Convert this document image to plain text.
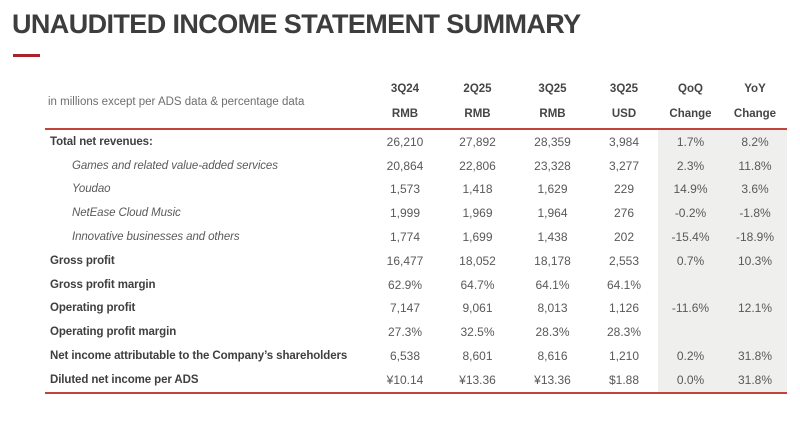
UNAUDITED INCOME STATEMENT SUMMARY
in millions except per ADS data & percentage data
3Q24
RMB
2Q25
RMB
3Q25
RMB
3Q25
USD
QoQ
Change
YoY
Change
Total net revenues:	26,210	27,892	28,359	3,984	1.7%	8.2%
Games and related value-added services	20,864	22,806	23,328	3,277	2.3%	11.8%
Youdao	1,573	1,418	1,629	229	14.9%	3.6%
NetEase Cloud Music	1,999	1,969	1,964	276	-0.2%	-1.8%
Innovative businesses and others	1,774	1,699	1,438	202	-15.4%	-18.9%
Gross profit	16,477	18,052	18,178	2,553	0.7%	10.3%
Gross profit margin	62.9%	64.7%	64.1%	64.1%
Operating profit	7,147	9,061	8,013	1,126	-11.6%	12.1%
Operating profit margin	27.3%	32.5%	28.3%	28.3%
Net income attributable to the Company’s shareholders	6,538	8,601	8,616	1,210	0.2%	31.8%
Diluted net income per ADS	¥10.14	¥13.36	¥13.36	$1.88	0.0%	31.8%
